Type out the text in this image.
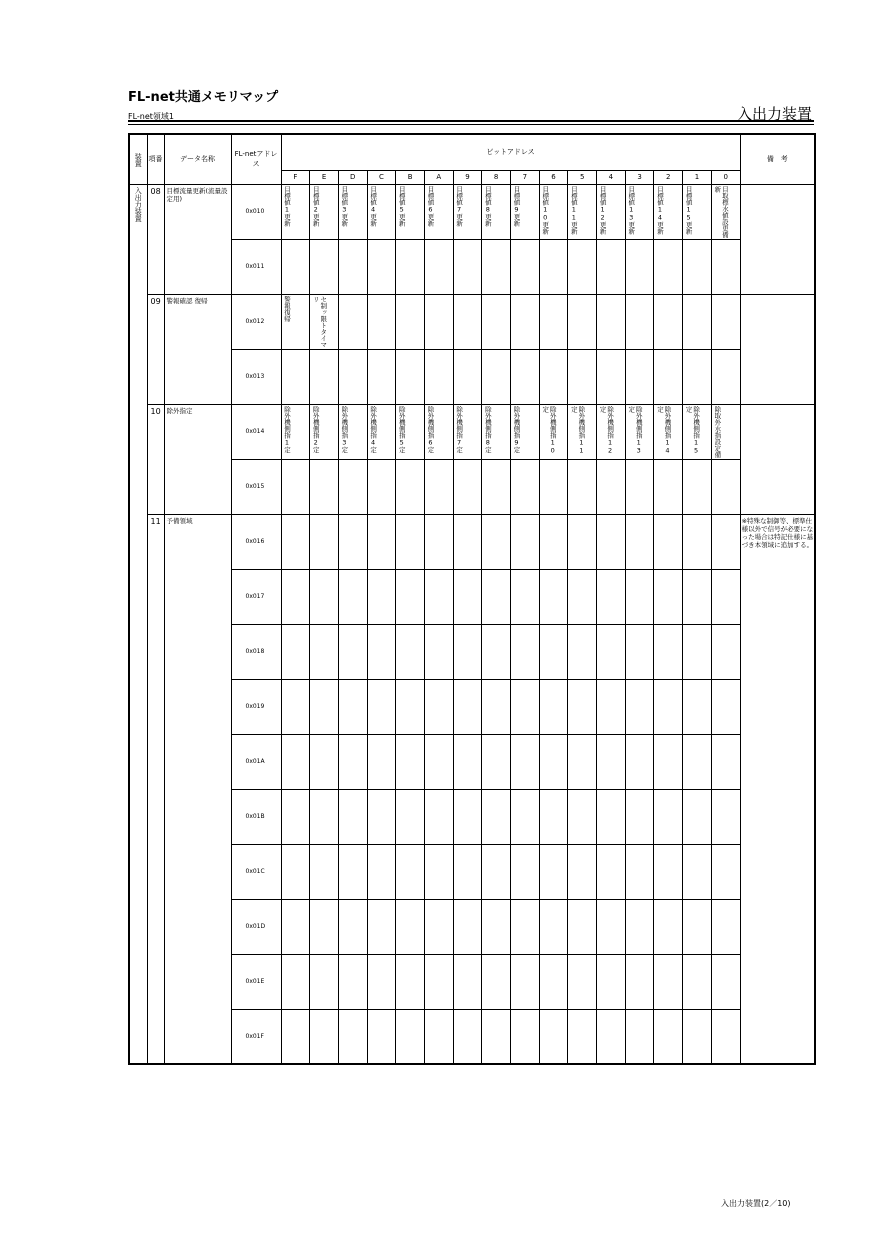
FL-net共通メモリマップ
FL-net領域1	入出力装置
装置	項番	データ名称	FL-netアドレス	ビットアドレス																備　考
				F	E	D	C	B	A	9	8	7	6	5	4	3	2	1	0	

入出力装置	08	目標流量更新(流量設定用)	0x010	目標値1更新	目標値2更新	目標値3更新	目標値4更新	目標値5更新	目標値6更新	目標値7更新	目標値8更新	目標値9更新	目標値10更新	目標値11更新	目標値12更新	目標値13更新	目標値14更新	目標値15更新	目取標水値設更備新	

			0x011		

	09	警報確認 復帰	0x012	警報復帰	セ制ッ限トタイマリ															

			0x013		

	10	除外指定	0x014	除外機側指1定	除外機側指2定	除外機側指3定	除外機側指4定	除外機側指5定	除外機側指6定	除外機側指7定	除外機側指8定	除外機側指9定	除外機側指10定	除外機側指11定	除外機側指12定	除外機側指13定	除外機側指14定	除外機側指15定	除取外水指設定備	

			0x015		

	11	予備領域	0x016																	※特殊な制御等、標準仕様以外で信号が必要になった場合は特記仕様に基づき本領域に追加する。
			0x017		

			0x018		

			0x019		

			0x01A		

			0x01B		

			0x01C		

			0x01D		

			0x01E		

			0x01F		

入出力装置(2／10)
